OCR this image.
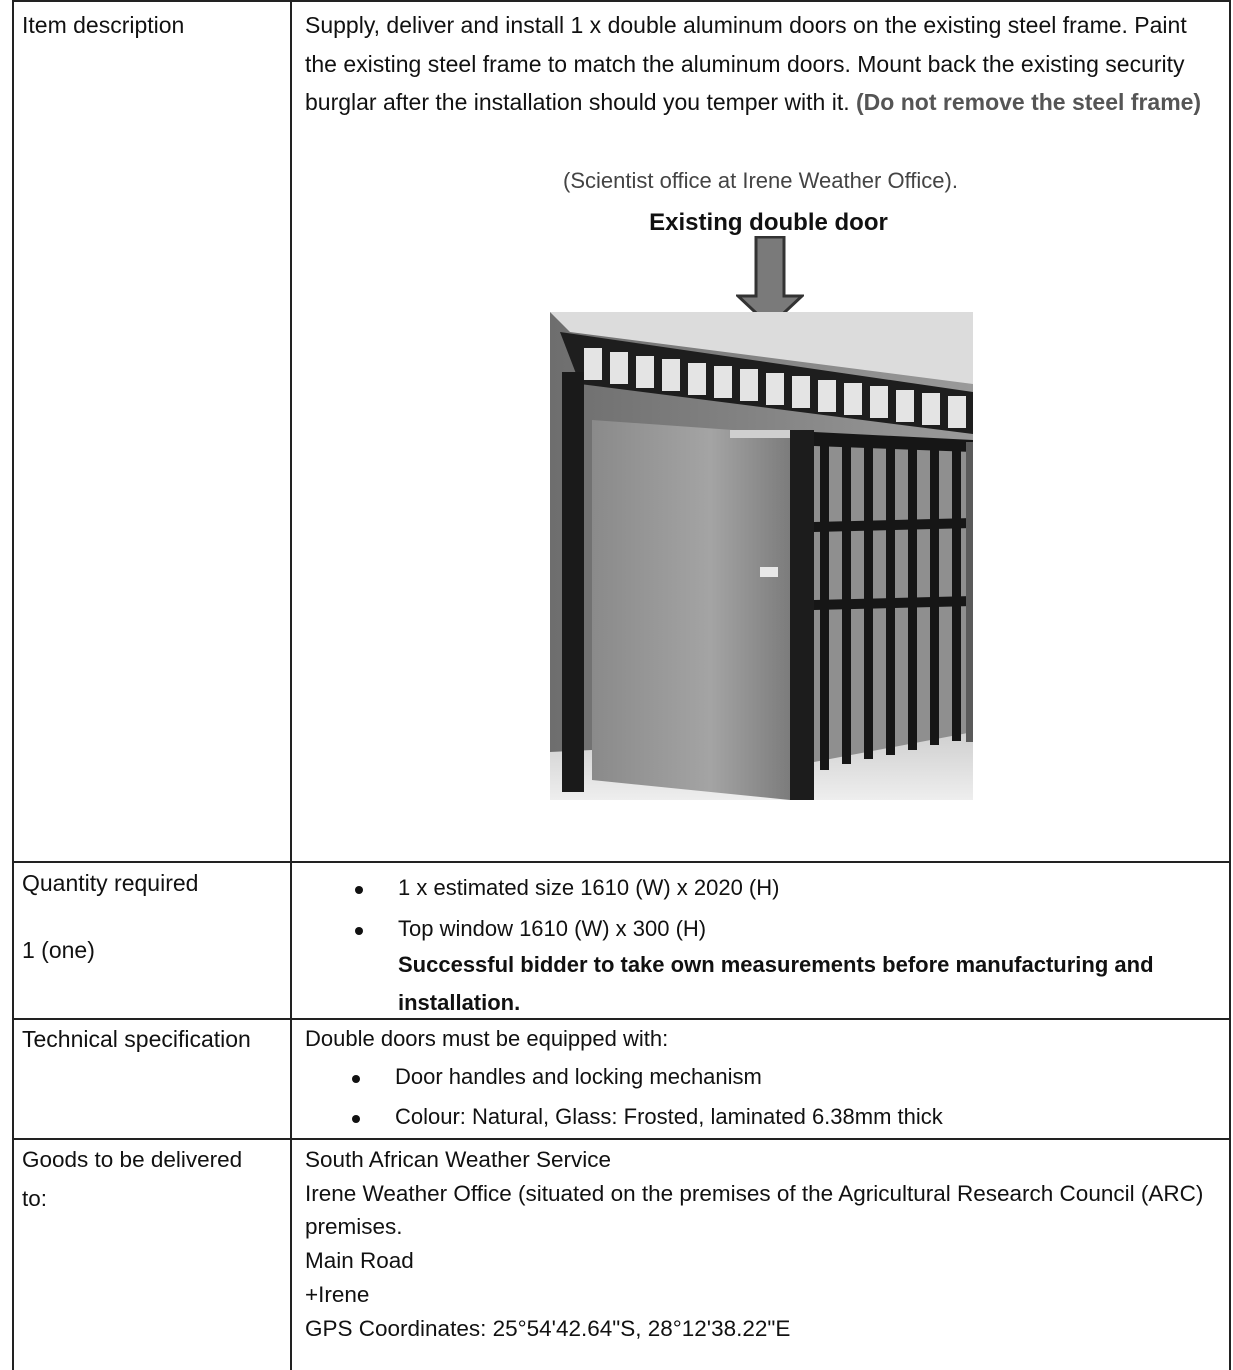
Item description	Supply, deliver and install 1 x double aluminum doors on the existing steel frame. Paint the existing steel frame to match the aluminum doors. Mount back the existing security burglar after the installation should you temper with it. (Do not remove the steel frame)
(Scientist office at Irene Weather Office).
Existing double door
Quantity required
1 (one)
1 x estimated size 1610 (W) x 2020 (H)
Top window 1610 (W) x 300 (H)
Successful bidder to take own measurements before manufacturing and installation.
Technical specification Double doors must be equipped with:
Door handles and locking mechanism
Colour: Natural, Glass: Frosted, laminated 6.38mm thick
Goods to be delivered
to:
South African Weather Service
Irene Weather Office (situated on the premises of the Agricultural Research Council (ARC) premises.
Main Road
+Irene
GPS Coordinates: 25°54'42.64"S, 28°12'38.22"E
